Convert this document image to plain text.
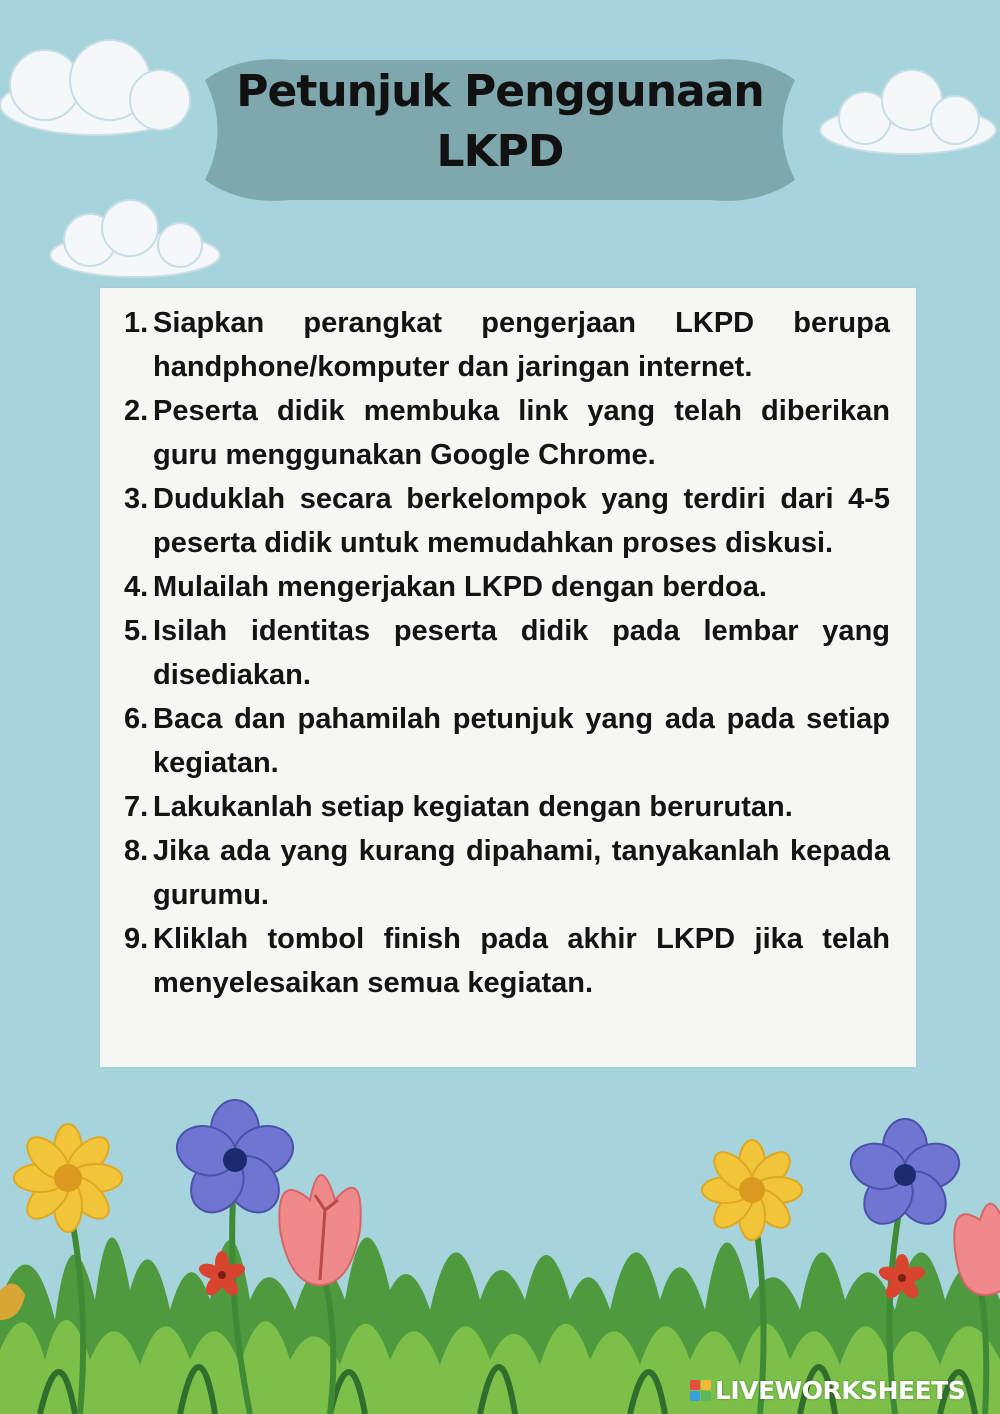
Petunjuk Penggunaan
LKPD
1. Siapkan perangkat pengerjaan LKPD berupa handphone/komputer dan jaringan internet.
2. Peserta didik membuka link yang telah diberikan guru menggunakan Google Chrome.
3. Duduklah secara berkelompok yang terdiri dari 4-5 peserta didik untuk memudahkan proses diskusi.
4. Mulailah mengerjakan LKPD dengan berdoa.
5. Isilah identitas peserta didik pada lembar yang disediakan.
6. Baca dan pahamilah petunjuk yang ada pada setiap kegiatan.
7. Lakukanlah setiap kegiatan dengan berurutan.
8. Jika ada yang kurang dipahami, tanyakanlah kepada gurumu.
9. Kliklah tombol finish pada akhir LKPD jika telah menyelesaikan semua kegiatan.
LIVEWORKSHEETS
